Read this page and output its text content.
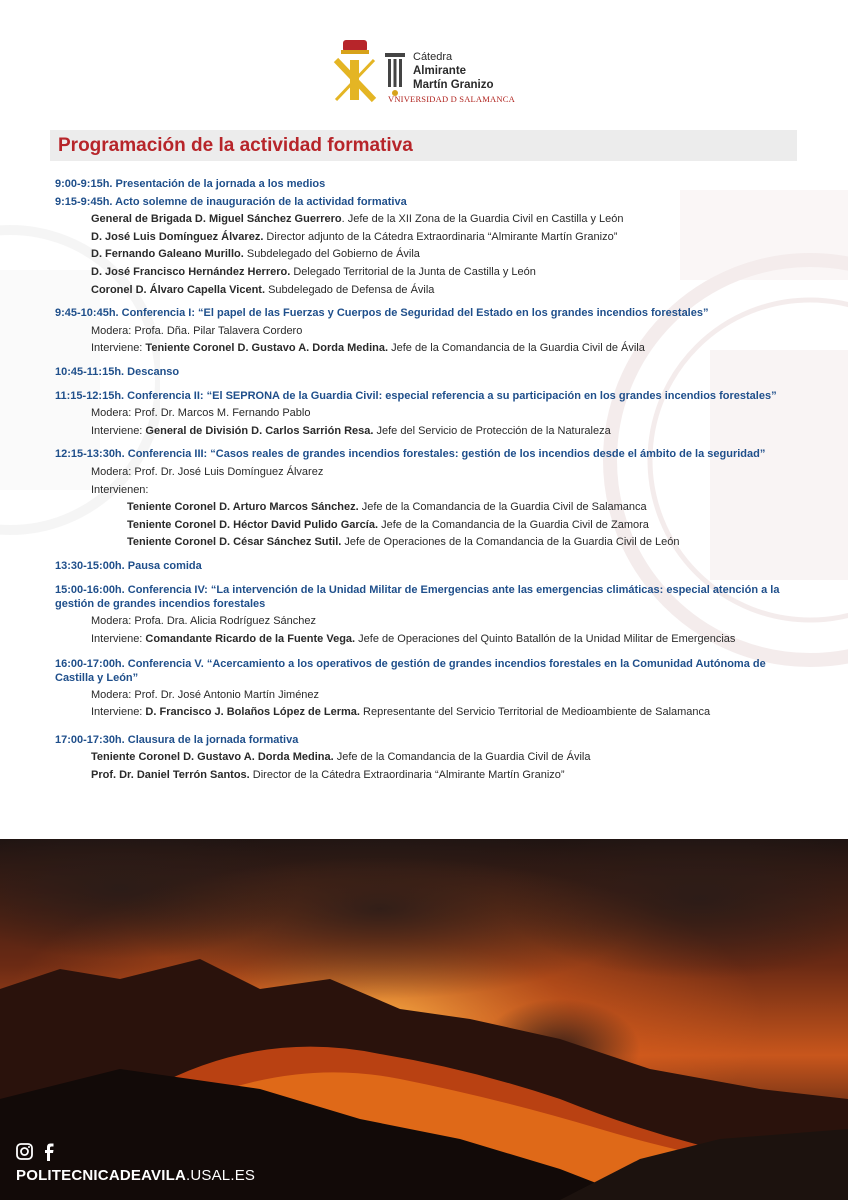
Cátedra
Almirante
Martín Granizo
VNIVERSIDAD D SALAMANCA
Programación de la actividad formativa
9:00-9:15h. Presentación de la jornada a los medios
9:15-9:45h. Acto solemne de inauguración de la actividad formativa
General de Brigada D. Miguel Sánchez Guerrero. Jefe de la XII Zona de la Guardia Civil en Castilla y León
D. José Luis Domínguez Álvarez. Director adjunto de la Cátedra Extraordinaria “Almirante Martín Granizo”
D. Fernando Galeano Murillo. Subdelegado del Gobierno de Ávila
D. José Francisco Hernández Herrero. Delegado Territorial de la Junta de Castilla y León
Coronel D. Álvaro Capella Vicent. Subdelegado de Defensa de Ávila
9:45-10:45h. Conferencia I: “El papel de las Fuerzas y Cuerpos de Seguridad del Estado en los grandes incendios forestales”
Modera: Profa. Dña. Pilar Talavera Cordero
Interviene: Teniente Coronel D. Gustavo A. Dorda Medina. Jefe de la Comandancia de la Guardia Civil de Ávila
10:45-11:15h. Descanso
11:15-12:15h. Conferencia II: “El SEPRONA de la Guardia Civil: especial referencia a su participación en los grandes incendios forestales”
Modera: Prof. Dr. Marcos M. Fernando Pablo
Interviene: General de División D. Carlos Sarrión Resa. Jefe del Servicio de Protección de la Naturaleza
12:15-13:30h. Conferencia III: “Casos reales de grandes incendios forestales: gestión de los incendios desde el ámbito de la seguridad”
Modera: Prof. Dr. José Luis Domínguez Álvarez
Intervienen:
Teniente Coronel D. Arturo Marcos Sánchez. Jefe de la Comandancia de la Guardia Civil de Salamanca
Teniente Coronel D. Héctor David Pulido García. Jefe de la Comandancia de la Guardia Civil de Zamora
Teniente Coronel D. César Sánchez Sutil. Jefe de Operaciones de la Comandancia de la Guardia Civil de León
13:30-15:00h. Pausa comida
15:00-16:00h. Conferencia IV: “La intervención de la Unidad Militar de Emergencias ante las emergencias climáticas: especial atención a la gestión de grandes incendios forestales
Modera: Profa. Dra. Alicia Rodríguez Sánchez
Interviene: Comandante Ricardo de la Fuente Vega. Jefe de Operaciones del Quinto Batallón de la Unidad Militar de Emergencias
16:00-17:00h. Conferencia V. “Acercamiento a los operativos de gestión de grandes incendios forestales en la Comunidad Autónoma de Castilla y León”
Modera: Prof. Dr. José Antonio Martín Jiménez
Interviene: D. Francisco J. Bolaños López de Lerma. Representante del Servicio Territorial de Medioambiente de Salamanca
17:00-17:30h. Clausura de la jornada formativa
Teniente Coronel D. Gustavo A. Dorda Medina. Jefe de la Comandancia de la Guardia Civil de Ávila
Prof. Dr. Daniel Terrón Santos. Director de la Cátedra Extraordinaria “Almirante Martín Granizo”
POLITECNICADEAVILA.USAL.ES
